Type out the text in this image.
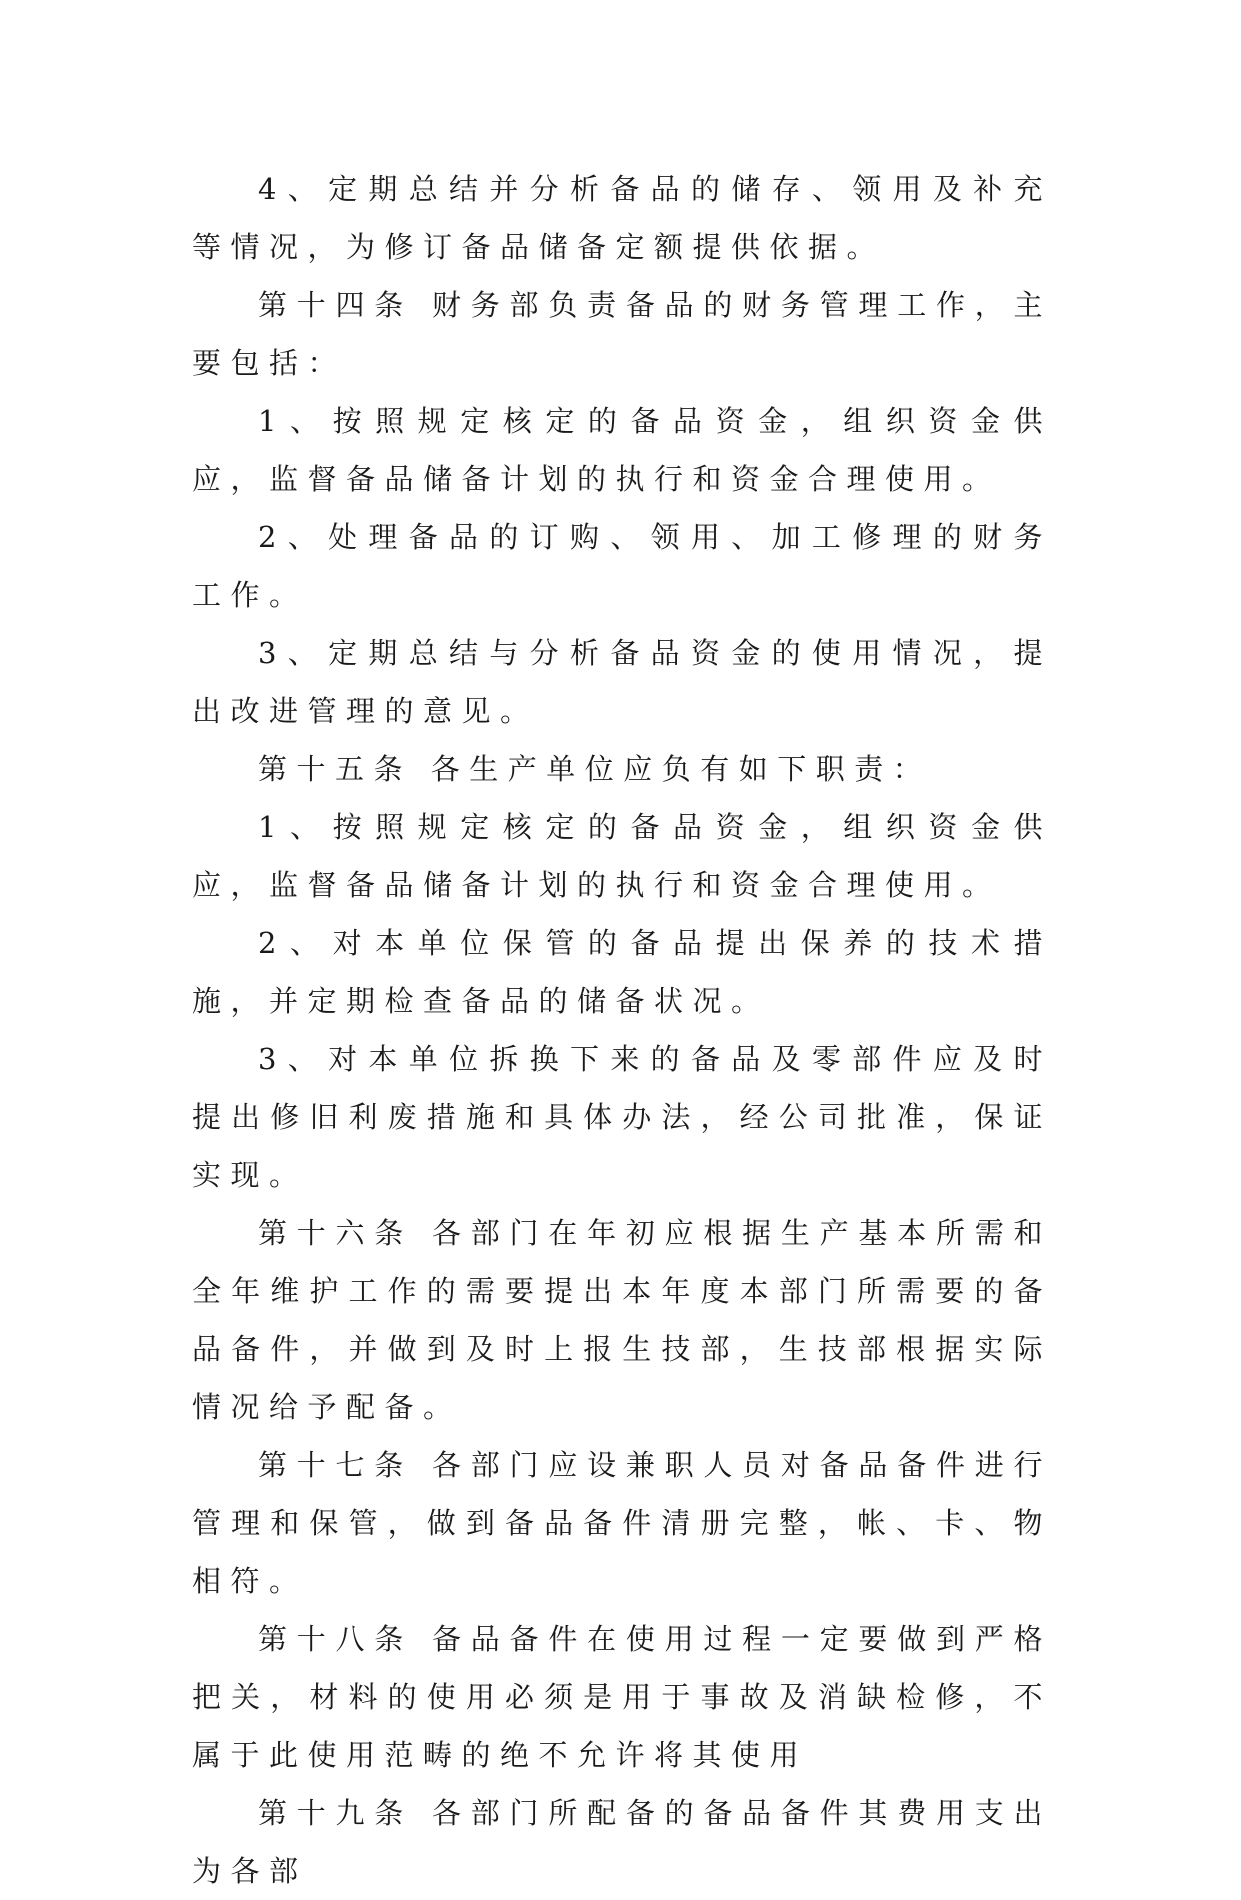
4、定期总结并分析备品的储存、领用及补充等情况，为修订备品储备定额提供依据。

第十四条 财务部负责备品的财务管理工作，主要包括：

1、按照规定核定的备品资金，组织资金供应，监督备品储备计划的执行和资金合理使用。

2、处理备品的订购、领用、加工修理的财务工作。

3、定期总结与分析备品资金的使用情况，提出改进管理的意见。

第十五条 各生产单位应负有如下职责：

1、按照规定核定的备品资金，组织资金供应，监督备品储备计划的执行和资金合理使用。

2、对本单位保管的备品提出保养的技术措施，并定期检查备品的储备状况。

3、对本单位拆换下来的备品及零部件应及时提出修旧利废措施和具体办法，经公司批准，保证实现。

第十六条 各部门在年初应根据生产基本所需和全年维护工作的需要提出本年度本部门所需要的备品备件，并做到及时上报生技部，生技部根据实际情况给予配备。

第十七条 各部门应设兼职人员对备品备件进行管理和保管，做到备品备件清册完整，帐、卡、物相符。

第十八条 备品备件在使用过程一定要做到严格把关，材料的使用必须是用于事故及消缺检修，不属于此使用范畴的绝不允许将其使用

第十九条 各部门所配备的备品备件其费用支出为各部
